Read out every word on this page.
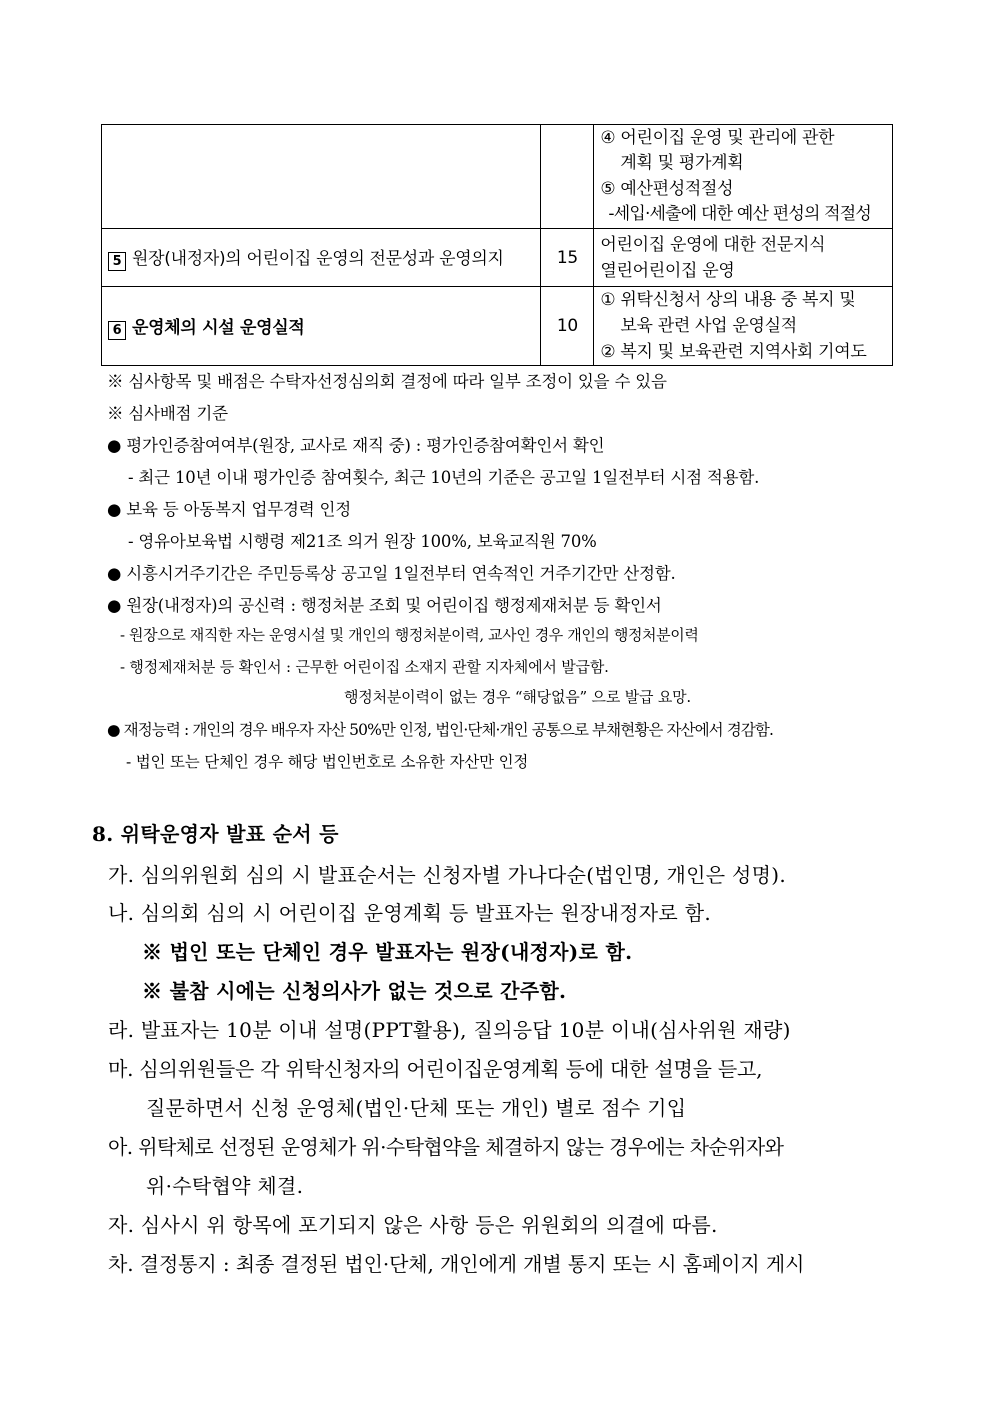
		④ 어린이집 운영 및 관리에 관한
계획 및 평가계획
⑤ 예산편성적절성
-세입·세출에 대한 예산 편성의 적절성

5 원장(내정자)의 어린이집 운영의 전문성과 운영의지	15	어린이집 운영에 대한 전문지식
열린어린이집 운영

6 운영체의 시설 운영실적	10	① 위탁신청서 상의 내용 중 복지 및
보육 관련 사업 운영실적
② 복지 및 보육관련 지역사회 기여도
※ 심사항목 및 배점은 수탁자선정심의회 결정에 따라 일부 조정이 있을 수 있음
※ 심사배점 기준
● 평가인증참여여부(원장, 교사로 재직 중) : 평가인증참여확인서 확인
- 최근 10년 이내 평가인증 참여횟수, 최근 10년의 기준은 공고일 1일전부터 시점 적용함.
● 보육 등 아동복지 업무경력 인정
- 영유아보육법 시행령 제21조 의거 원장 100%, 보육교직원 70%
● 시흥시거주기간은 주민등록상 공고일 1일전부터 연속적인 거주기간만 산정함.
● 원장(내정자)의 공신력 : 행정처분 조회 및 어린이집 행정제재처분 등 확인서
- 원장으로 재직한 자는 운영시설 및 개인의 행정처분이력, 교사인 경우 개인의 행정처분이력
- 행정제재처분 등 확인서 : 근무한 어린이집 소재지 관할 지자체에서 발급함.
행정처분이력이 없는 경우 “해당없음” 으로 발급 요망.
● 재정능력 : 개인의 경우 배우자 자산 50%만 인정, 법인·단체·개인 공통으로 부채현황은 자산에서 경감함.
- 법인 또는 단체인 경우 해당 법인번호로 소유한 자산만 인정
8. 위탁운영자 발표 순서 등
가. 심의위원회 심의 시 발표순서는 신청자별 가나다순(법인명, 개인은 성명).
나. 심의회 심의 시 어린이집 운영계획 등 발표자는 원장내정자로 함.
※ 법인 또는 단체인 경우 발표자는 원장(내정자)로 함.
※ 불참 시에는 신청의사가 없는 것으로 간주함.
라. 발표자는 10분 이내 설명(PPT활용), 질의응답 10분 이내(심사위원 재량)
마. 심의위원들은 각 위탁신청자의 어린이집운영계획 등에 대한 설명을 듣고,
질문하면서 신청 운영체(법인·단체 또는 개인) 별로 점수 기입
아. 위탁체로 선정된 운영체가 위·수탁협약을 체결하지 않는 경우에는 차순위자와
위·수탁협약 체결.
자. 심사시 위 항목에 포기되지 않은 사항 등은 위원회의 의결에 따름.
차. 결정통지 : 최종 결정된 법인·단체, 개인에게 개별 통지 또는 시 홈페이지 게시
